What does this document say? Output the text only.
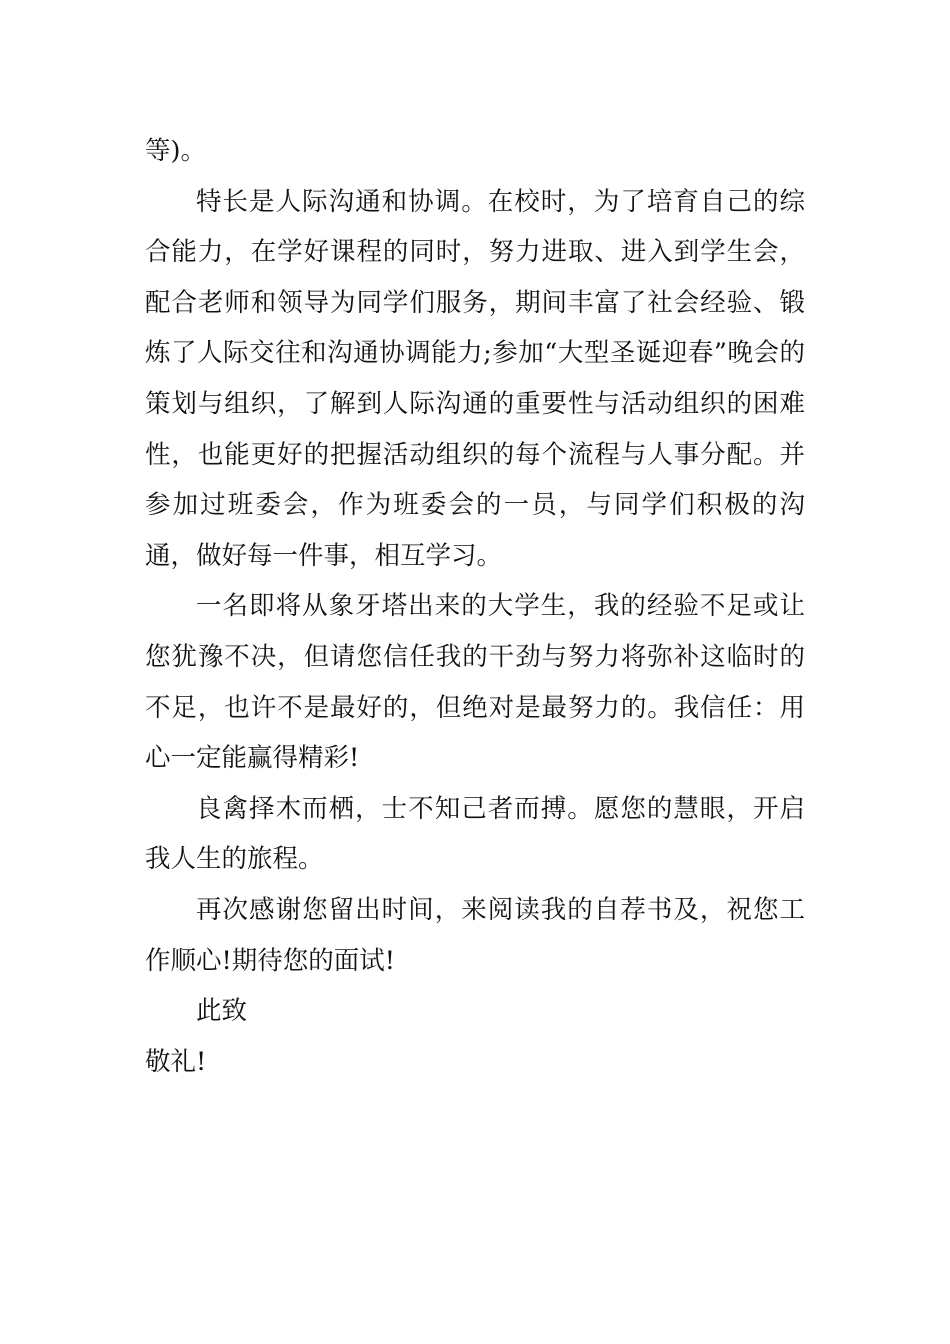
等)。

特长是人际沟通和协调。在校时，为了培育自己的综合能力，在学好课程的同时，努力进取、进入到学生会，配合老师和领导为同学们服务，期间丰富了社会经验、锻炼了人际交往和沟通协调能力;参加“大型圣诞迎春”晚会的策划与组织，了解到人际沟通的重要性与活动组织的困难性，也能更好的把握活动组织的每个流程与人事分配。并参加过班委会，作为班委会的一员，与同学们积极的沟通，做好每一件事，相互学习。

一名即将从象牙塔出来的大学生，我的经验不足或让您犹豫不决，但请您信任我的干劲与努力将弥补这临时的不足，也许不是最好的，但绝对是最努力的。我信任：用心一定能赢得精彩!

良禽择木而栖，士不知己者而搏。愿您的慧眼，开启我人生的旅程。

再次感谢您留出时间，来阅读我的自荐书及，祝您工作顺心!期待您的面试!

此致

敬礼!
